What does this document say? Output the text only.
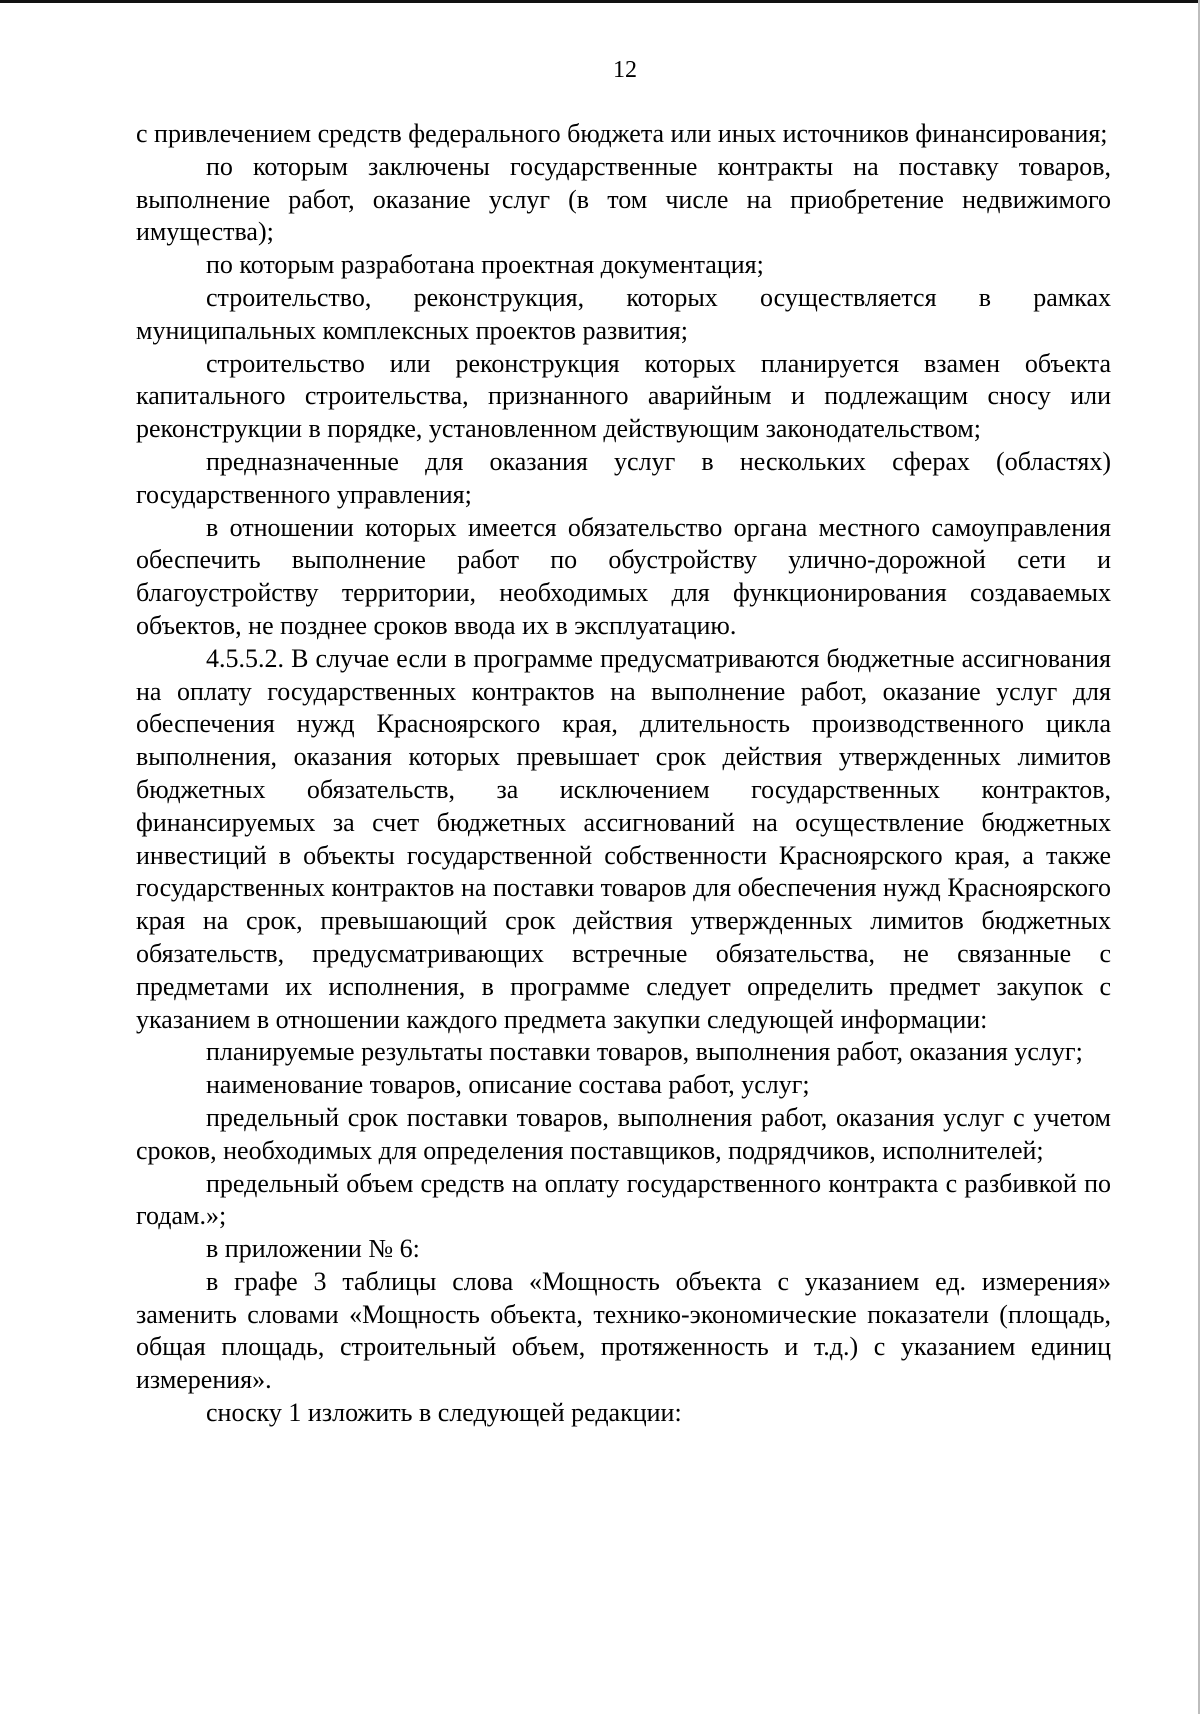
12

с привлечением средств федерального бюджета или иных источников финансирования;

по которым заключены государственные контракты на поставку товаров, выполнение работ, оказание услуг (в том числе на приобретение недвижимого имущества);

по которым разработана проектная документация;

строительство, реконструкция, которых осуществляется в рамках муниципальных комплексных проектов развития;

строительство или реконструкция которых планируется взамен объекта капитального строительства, признанного аварийным и подлежащим сносу или реконструкции в порядке, установленном действующим законодательством;

предназначенные для оказания услуг в нескольких сферах (областях) государственного управления;

в отношении которых имеется обязательство органа местного самоуправления обеспечить выполнение работ по обустройству улично-дорожной сети и благоустройству территории, необходимых для функционирования создаваемых объектов, не позднее сроков ввода их в эксплуатацию.

4.5.5.2. В случае если в программе предусматриваются бюджетные ассигнования на оплату государственных контрактов на выполнение работ, оказание услуг для обеспечения нужд Красноярского края, длительность производственного цикла выполнения, оказания которых превышает срок действия утвержденных лимитов бюджетных обязательств, за исключением государственных контрактов, финансируемых за счет бюджетных ассигнований на осуществление бюджетных инвестиций в объекты государственной собственности Красноярского края, а также государственных контрактов на поставки товаров для обеспечения нужд Красноярского края на срок, превышающий срок действия утвержденных лимитов бюджетных обязательств, предусматривающих встречные обязательства, не связанные с предметами их исполнения, в программе следует определить предмет закупок с указанием в отношении каждого предмета закупки следующей информации:

планируемые результаты поставки товаров, выполнения работ, оказания услуг;

наименование товаров, описание состава работ, услуг;

предельный срок поставки товаров, выполнения работ, оказания услуг с учетом сроков, необходимых для определения поставщиков, подрядчиков, исполнителей;

предельный объем средств на оплату государственного контракта с разбивкой по годам.»;

в приложении № 6:

в графе 3 таблицы слова «Мощность объекта с указанием ед. измерения» заменить словами «Мощность объекта, технико-экономические показатели (площадь, общая площадь, строительный объем, протяженность и т.д.) с указанием единиц измерения».

сноску 1 изложить в следующей редакции:
